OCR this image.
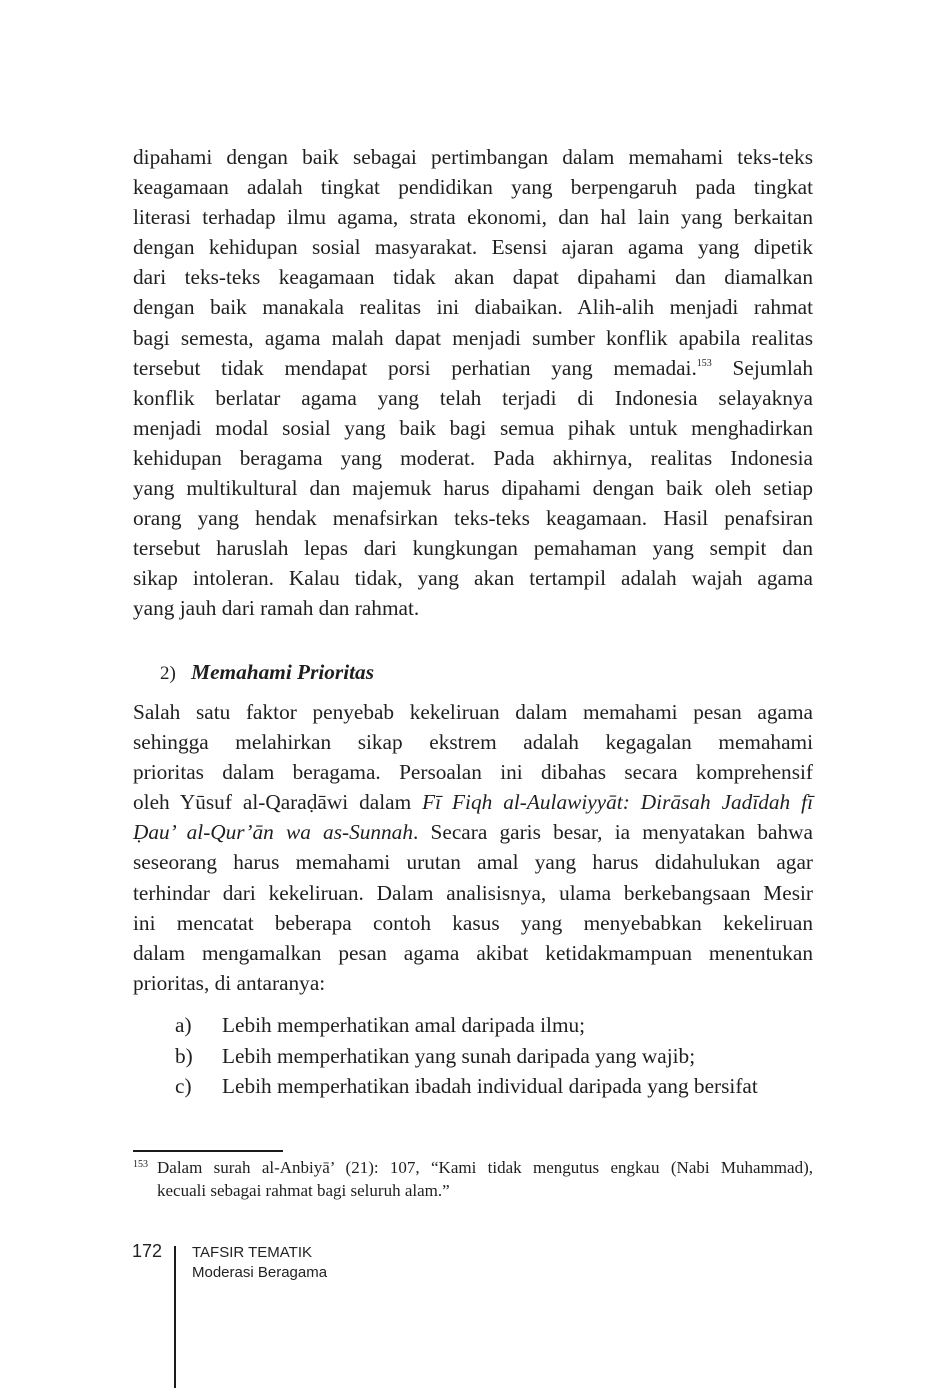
dipahami dengan baik sebagai pertimbangan dalam memahami teks-teks
keagamaan adalah tingkat pendidikan yang berpengaruh pada tingkat
literasi terhadap ilmu agama, strata ekonomi, dan hal lain yang berkaitan
dengan kehidupan sosial masyarakat. Esensi ajaran agama yang dipetik
dari teks-teks keagamaan tidak akan dapat dipahami dan diamalkan
dengan baik manakala realitas ini diabaikan. Alih-alih menjadi rahmat
bagi semesta, agama malah dapat menjadi sumber konflik apabila realitas
tersebut tidak mendapat porsi perhatian yang memadai.$^{153}$ Sejumlah
konflik berlatar agama yang telah terjadi di Indonesia selayaknya
menjadi modal sosial yang baik bagi semua pihak untuk menghadirkan
kehidupan beragama yang moderat. Pada akhirnya, realitas Indonesia
yang multikultural dan majemuk harus dipahami dengan baik oleh setiap
orang yang hendak menafsirkan teks-teks keagamaan. Hasil penafsiran
tersebut haruslah lepas dari kungkungan pemahaman yang sempit dan
sikap intoleran. Kalau tidak, yang akan tertampil adalah wajah agama
yang jauh dari ramah dan rahmat.
2) Memahami Prioritas
Salah satu faktor penyebab kekeliruan dalam memahami pesan agama
sehingga melahirkan sikap ekstrem adalah kegagalan memahami
prioritas dalam beragama. Persoalan ini dibahas secara komprehensif
oleh Yūsuf al-Qaraḍāwi dalam Fī Fiqh al-Aulawiyyāt: Dirāsah Jadīdah fī
Ḍau’ al-Qur’ān wa as-Sunnah. Secara garis besar, ia menyatakan bahwa
seseorang harus memahami urutan amal yang harus didahulukan agar
terhindar dari kekeliruan. Dalam analisisnya, ulama berkebangsaan Mesir
ini mencatat beberapa contoh kasus yang menyebabkan kekeliruan
dalam mengamalkan pesan agama akibat ketidakmampuan menentukan
prioritas, di antaranya:
a)	Lebih memperhatikan amal daripada ilmu;
b)	Lebih memperhatikan yang sunah daripada yang wajib;
c)	Lebih memperhatikan ibadah individual daripada yang bersifat
153 Dalam surah al-Anbiyā’ (21): 107, “Kami tidak mengutus engkau (Nabi Muhammad),
kecuali sebagai rahmat bagi seluruh alam.”
172 TAFSIR TEMATIK
Moderasi Beragama
